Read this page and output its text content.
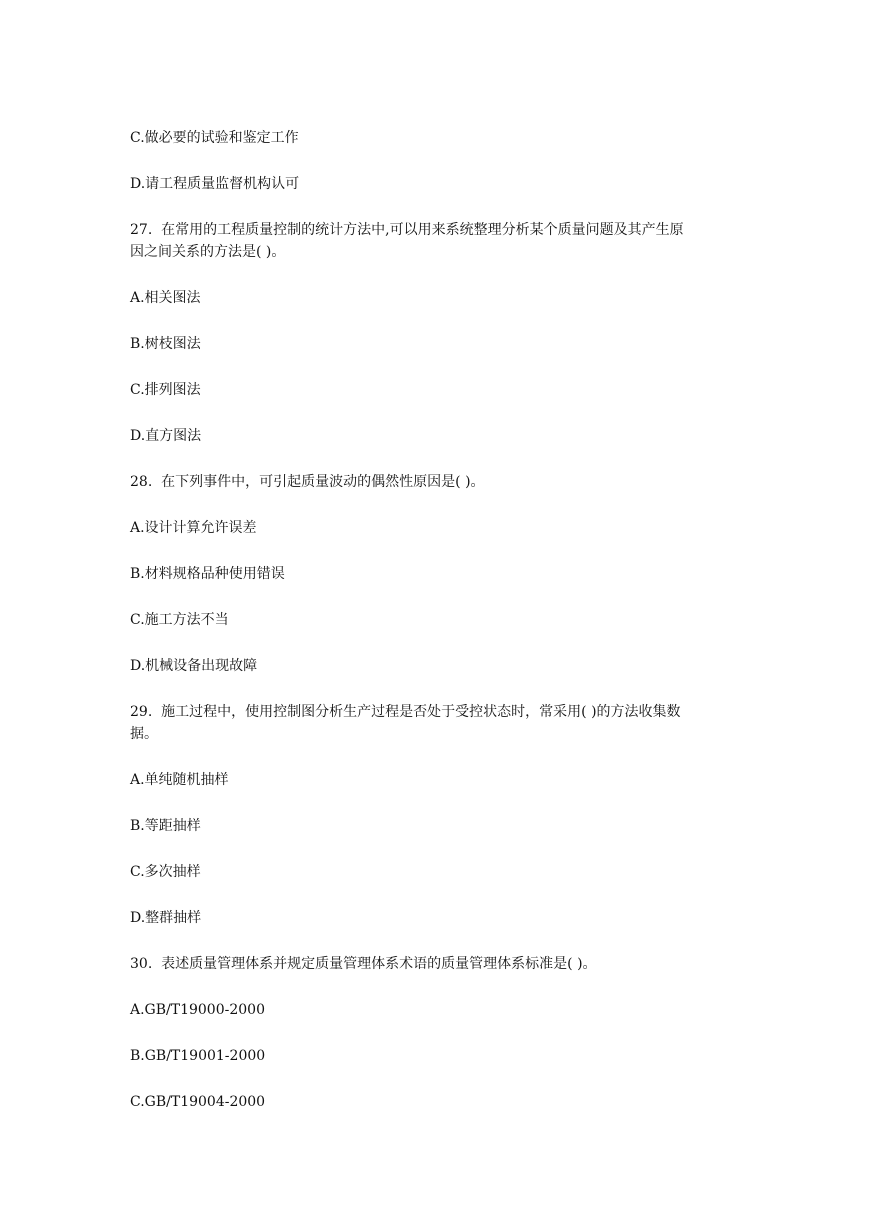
C.做必要的试验和鉴定工作

D.请工程质量监督机构认可

27.  在常用的工程质量控制的统计方法中,可以用来系统整理分析某个质量问题及其产生原

因之间关系的方法是( )。

A.相关图法

B.树枝图法

C.排列图法

D.直方图法

28.  在下列事件中，可引起质量波动的偶然性原因是( )。

A.设计计算允许误差

B.材料规格品种使用错误

C.施工方法不当

D.机械设备出现故障

29.  施工过程中，使用控制图分析生产过程是否处于受控状态时，常采用( )的方法收集数

据。

A.单纯随机抽样

B.等距抽样

C.多次抽样

D.整群抽样

30.  表述质量管理体系并规定质量管理体系术语的质量管理体系标准是( )。

A.GB/T19000-2000

B.GB/T19001-2000

C.GB/T19004-2000
